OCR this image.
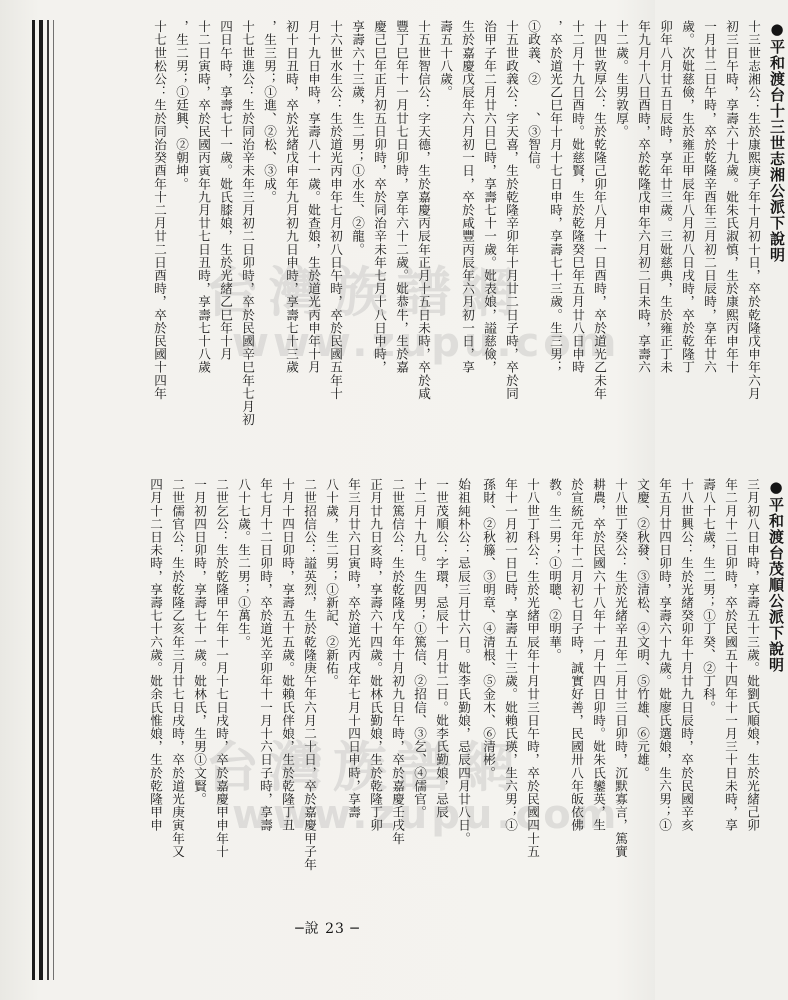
●平和渡台十三世志湘公派下說明
十三世志湘公：生於康熙庚子年十月初十日，卒於乾隆戊申年六月
初三日午時，享壽六十九歲。妣朱氏淑慎，生於康熙丙申年十
一月廿二日午時，卒於乾隆辛酉年三月初二日辰時，享年廿六
歲。次妣慈儉，生於雍正甲辰年八月初八日戌時，卒於乾隆丁
卯年八月廿五日辰時，享年廿三歲。三妣慈典，生於雍正丁未
年九月十八日酉時，卒於乾隆戊申年六月初二日未時，享壽六
十二歲。生男敦厚。
十四世敦厚公：生於乾隆己卯年八月十一日酉時，卒於道光乙未年
十二月十九日酉時。妣慈賢，生於乾隆癸巳年五月廿八日申時
，卒於道光乙巳年十月十七日申時，享壽七十三歲。生三男；
①政義、②　　、③智信。
十五世政義公：字天喜，生於乾隆辛卯年十月廿二日子時，卒於同
治甲子年二月廿六日巳時，享壽七十一歲。妣表娘，謚慈儉，
生於嘉慶戊辰年六月初一日，卒於咸豐丙辰年六月初一日，享
壽五十八歲。
十五世智信公：字天德，生於嘉慶丙辰年正月十五日未時，卒於咸
豐丁巳年十一月廿七日卯時，享年六十二歲。妣恭牛，生於嘉
慶己巳年正月初五日卯時，卒於同治辛未年七月十八日申時，
享壽六十三歲，生二男；①水生、②龍。
十六世水生公：生於道光丙申年七月初八日午時，卒於民國五年十
月十九日申時，享壽八十一歲。妣查娘，生於道光丙申年十月
初十日丑時，卒於光緒戊申年九月初九日申時，享壽七十三歲
，生三男；①進、②松、③成。
十七世進公：生於同治辛未年三月初二日卯時，卒於民國辛巳年七月初
四日午時，享壽七十一歲。妣氏膝娘，生於光緒乙巳年十月
十二日寅時，卒於民國丙寅年九月廿七日丑時，享壽七十八歲
，生二男；①廷興、②朝坤。
十七世松公：生於同治癸酉年十二月廿二日酉時，卒於民國十四年
●平和渡台茂順公派下說明
三月初八日申時，享壽五十三歲。妣劉氏順娘，生於光緒己卯
年二月十二日卯時，卒於民國五十四年十一月三十日未時，享
壽八十七歲，生二男；①丁癸、②丁科。
十八世興公：生於光緒癸卯年十月廿九日辰時，卒於民國辛亥
年五月廿四日卯時，享壽六十九歲。妣廖氏選娘，生六男；①
文慶、②秋發、③清松、④文明、⑤竹雄、⑥元雄。
十八世丁癸公：生於光緒辛丑年二月廿三日卯時，沉默寡言，篤實
耕農，卒於民國六十八年十一月十四日卯時。妣朱氏鑾英，生
於宣統元年十二月初七日子時，誠實好善，民國卅八年皈依佛
教。生二男；①明聰、②明華。
十八世丁科公：生於光緒甲辰年十月廿三日午時，卒於民國四十五
年十一月初一日巳時，享壽五十三歲。妣賴氏瑛，生六男；①
孫財、②秋籐、③明章、④清根、⑤金木、⑥清彬。
始祖純朴公：忌辰三月廿六日。妣李氏勤娘，忌辰四月廿八日。
一世茂順公：字環，忌辰十一月廿二日。妣李氏勤娘，忌辰
十二月十九日。生四男；①篤信、②招信、③乞、④儒官。
二世篤信公：生於乾隆戊午年十月初九日午時，卒於嘉慶壬戌年
正月廿九日亥時，享壽六十四歲。妣林氏勤娘，生於乾隆丁卯
年三月廿六日寅時，卒於道光丙戌年七月十四日申時，享壽
八十歲，生二男；①新記、②新佑。
二世招信公：謚英烈，生於乾隆庚午年六月二十日，卒於嘉慶甲子年
十月十四日卯時，享壽五十五歲。妣賴氏伴娘，生於乾隆丁丑
年七月十二日卯時，卒於道光辛卯年十一月十六日子時，享壽
八十七歲。生二男；①萬生。
二世乞公：生於乾隆甲午年十一月十七日戌時，卒於嘉慶甲申年十
一月初四日卯時，享壽七十一歲。妣林氏，生男①文賢。
二世儒官公：生於乾隆乙亥年三月廿七日戌時，卒於道光庚寅年又
四月十二日未時，享壽七十六歲。妣余氏惟娘，生於乾隆甲申
台灣族譜網
www.zupu.com
台灣族譜網
www.zupu.com
─說 23 ─
